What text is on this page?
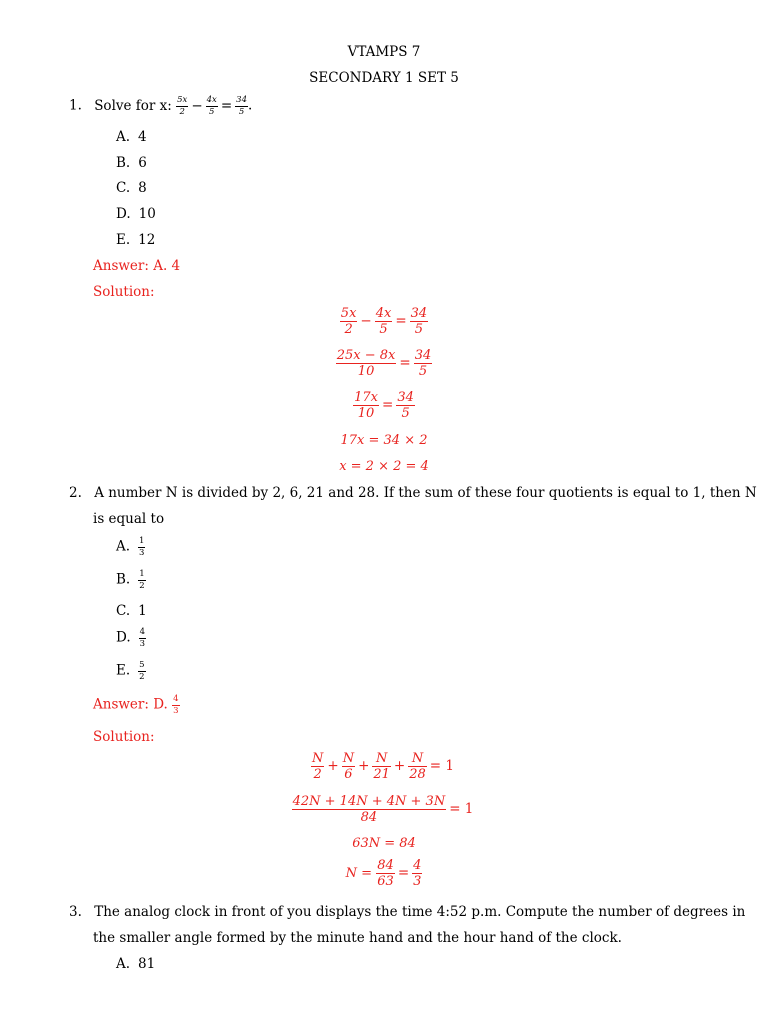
VTAMPS 7
SECONDARY 1 SET 5
1. Solve for x: $\frac{5x}{2} - \frac{4x}{5} = \frac{34}{5}$ .
A. 4
B. 6
C. 8
D. 10
E. 12
Answer: A. 4
Solution:
$\frac{5x}{2} - \frac{4x}{5} = \frac{34}{5}$
$\frac{25x - 8x}{10} = \frac{34}{5}$
$\frac{17x}{10} = \frac{34}{5}$
17x = 34 × 2
x = 2 × 2 = 4
2. A number N is divided by 2, 6, 21 and 28. If the sum of these four quotients is equal to 1, then N
is equal to
A. $\frac{1}{3}$
B. $\frac{1}{2}$
C. 1
D. $\frac{4}{3}$
E. $\frac{5}{2}$
Answer: D. $\frac{4}{3}$
Solution:
$\frac{N}{2} + \frac{N}{6} + \frac{N}{21} + \frac{N}{28} = 1$
$\frac{42N + 14N + 4N + 3N}{84} = 1$
63N = 84
$N = \frac{84}{63} = \frac{4}{3}$
3. The analog clock in front of you displays the time 4:52 p.m. Compute the number of degrees in
the smaller angle formed by the minute hand and the hour hand of the clock.
A. 81
